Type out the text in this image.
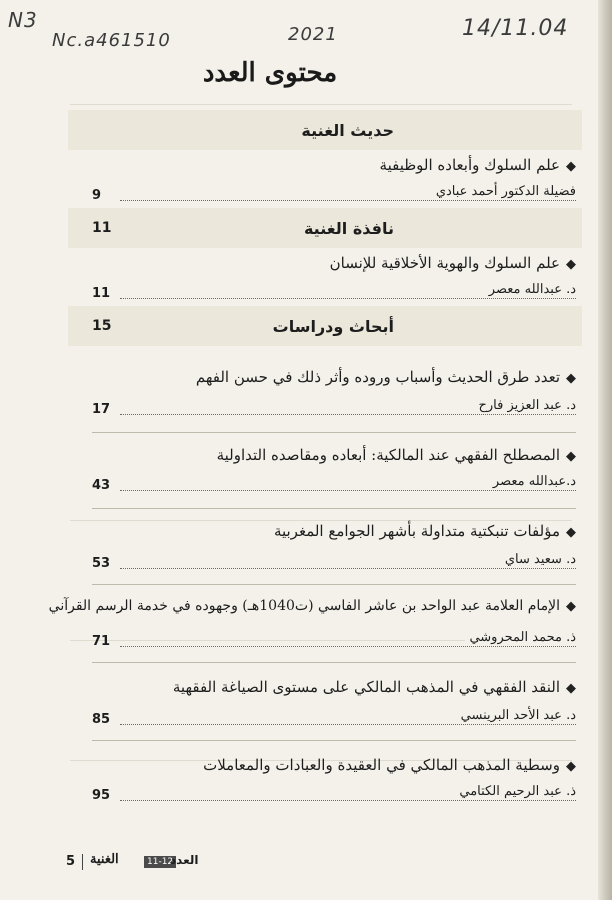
N3
Nc.a461510	2021	14/11.04
محتوى العدد
حديث الغنية
◆علم السلوك وأبعاده الوظيفية
فضيلة الدكتور أحمد عبادي
9
11	نافذة الغنية
◆علم السلوك والهوية الأخلاقية للإنسان
د. عبدالله معصر
11
15	أبحاث ودراسات
◆تعدد طرق الحديث وأسباب وروده وأثر ذلك في حسن الفهم
د. عبد العزيز فارح
17
◆المصطلح الفقهي عند المالكية: أبعاده ومقاصده التداولية
د.عبدالله معصر
43
◆مؤلفات تنبكتية متداولة بأشهر الجوامع المغربية
د. سعيد ساي
53
◆الإمام العلامة عبد الواحد بن عاشر الفاسي (ت1040هـ) وجهوده في خدمة الرسم القرآني
ذ. محمد المحروشي
71
◆النقد الفقهي في المذهب المالكي على مستوى الصياغة الفقهية
د. عبد الأحد البرينسي
85
◆وسطية المذهب المالكي في العقيدة والعبادات والمعاملات
ذ. عبد الرحيم الكتامي
95
5 الغنية	11-12
العدد
